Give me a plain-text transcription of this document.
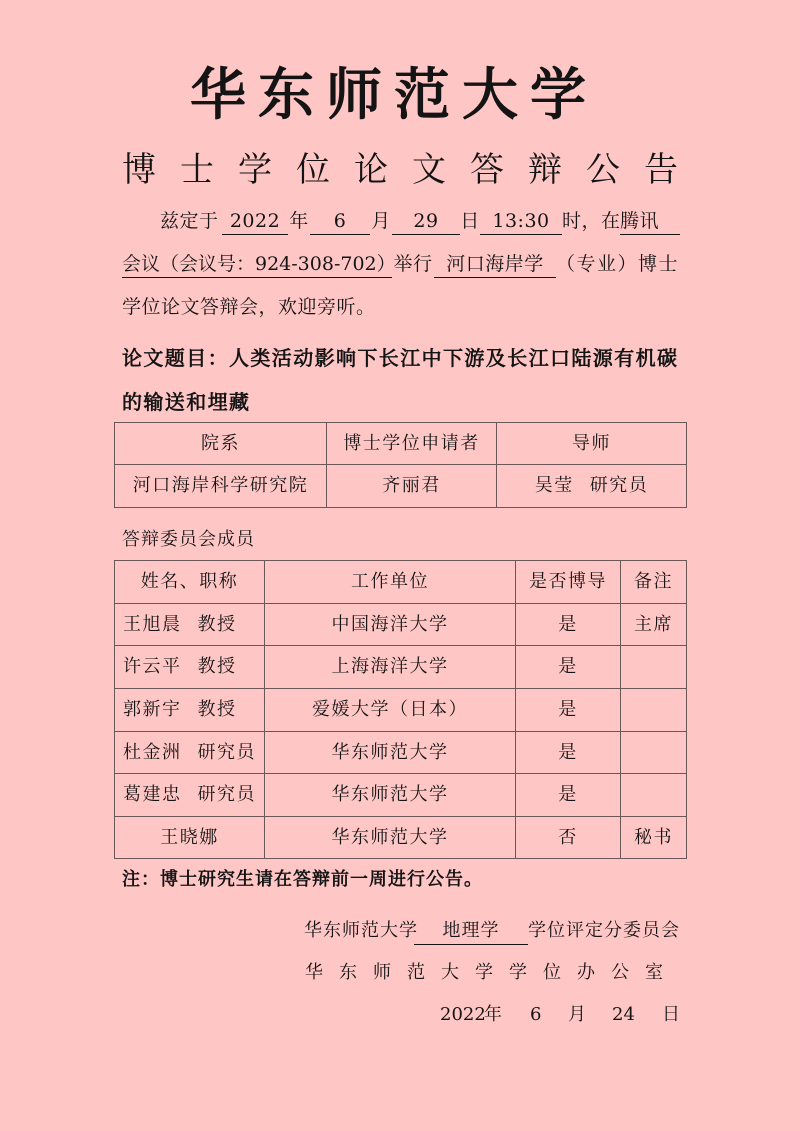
华东师范大学
博士学位论文答辩公告
兹定于 2022 年	6	月	29	日 13:30 时，在 腾讯
会议（会议号：924-308-702）
举行 河口海岸学 （专业）博士
学位论文答辩会，欢迎旁听。
论文题目：人类活动影响下长江中下游及长江口陆源有机碳
的输送和埋藏
院系	博士学位申请者	导师
河口海岸科学研究院	齐丽君	吴莹 研究员
答辩委员会成员
姓名、职称	工作单位	是否博导	备注
王旭晨 教授	中国海洋大学	是	主席
许云平 教授	上海海洋大学	是	
郭新宇 教授	爱媛大学（日本）	是	
杜金洲 研究员	华东师范大学	是	
葛建忠 研究员	华东师范大学	是	
王晓娜	华东师范大学	否	秘书
注：博士研究生请在答辩前一周进行公告。
华东师范大学	地理学	学位评定分委员会
华东师范大学学位办公室
2022
年	6	月	24	日
